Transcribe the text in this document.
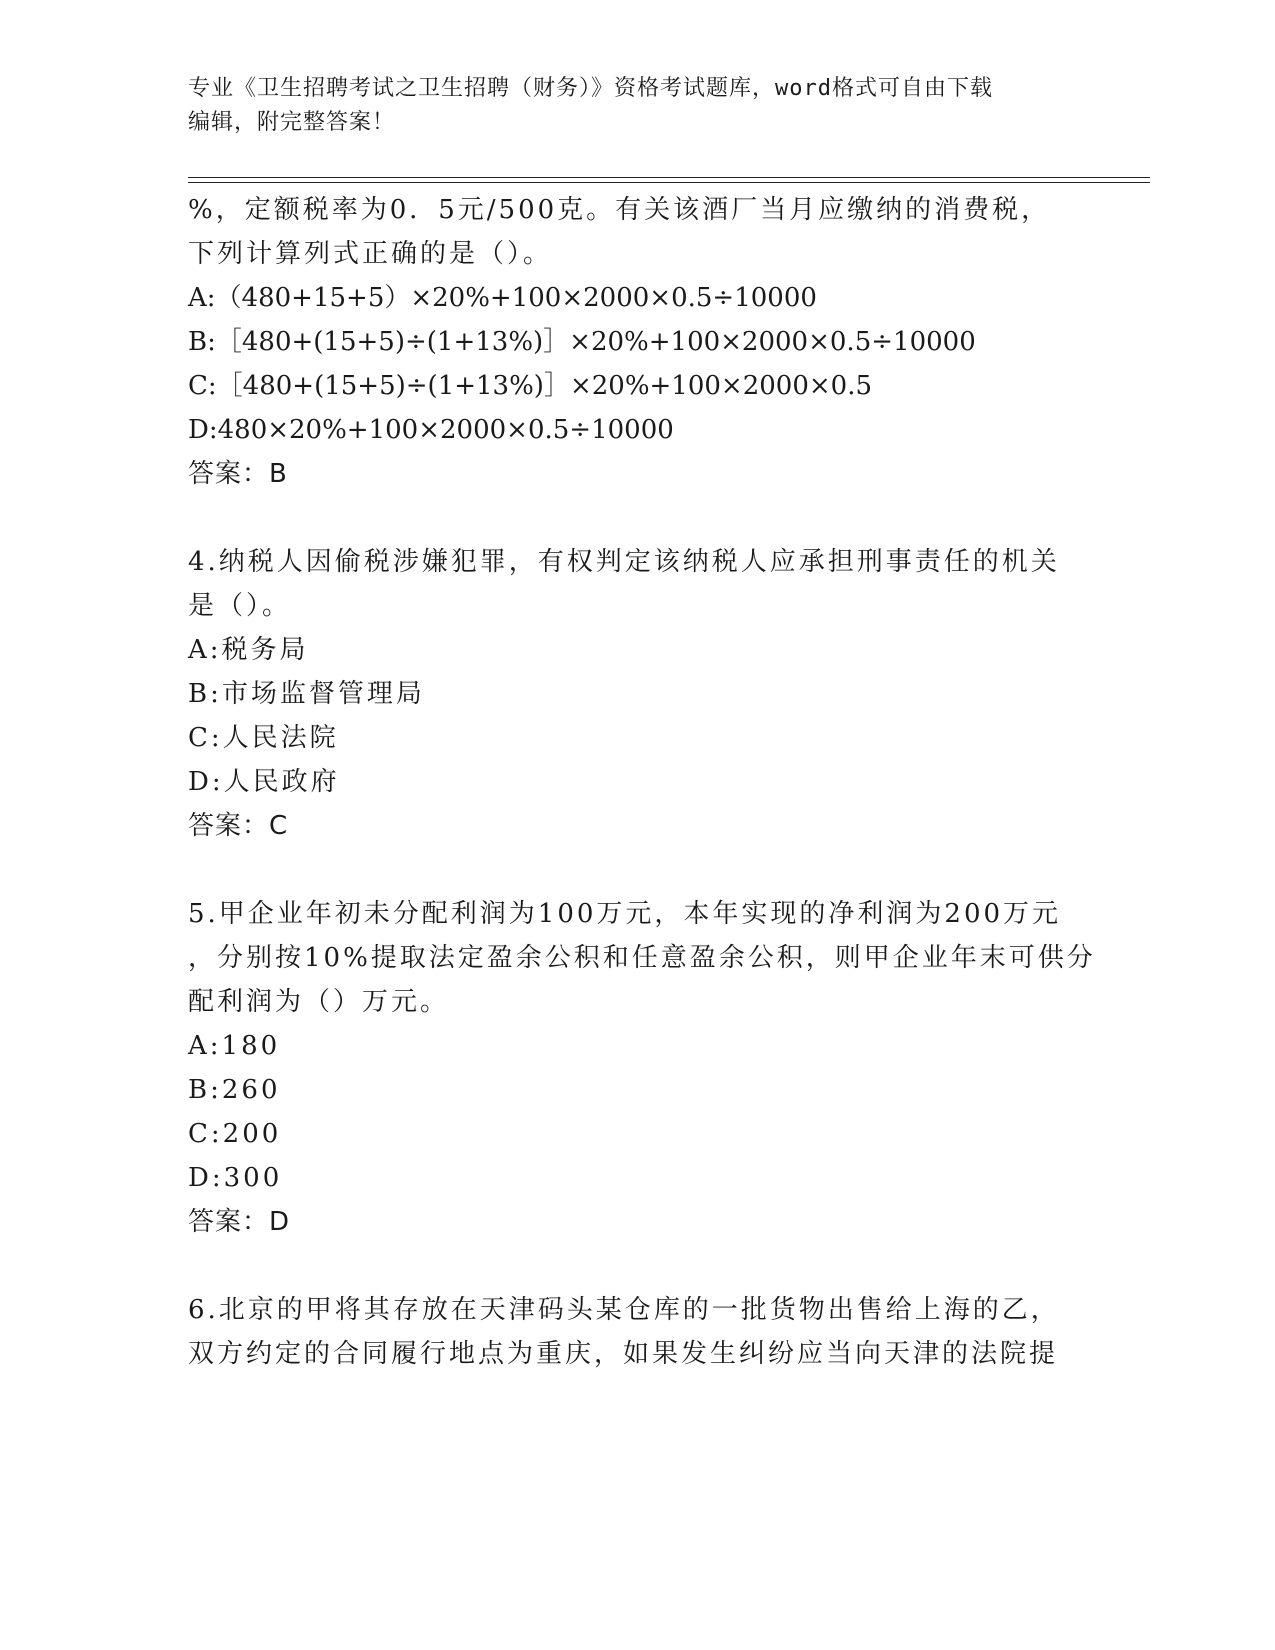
专业《卫生招聘考试之卫生招聘（财务）》资格考试题库，word格式可自由下载
编辑，附完整答案！
%，定额税率为0．5元/500克。有关该酒厂当月应缴纳的消费税，
下列计算列式正确的是（）。
A:（480+15+5）×20%+100×2000×0.5÷10000
B:［480+(15+5)÷(1+13%)］×20%+100×2000×0.5÷10000
C:［480+(15+5)÷(1+13%)］×20%+100×2000×0.5
D:480×20%+100×2000×0.5÷10000
答案：B
4.纳税人因偷税涉嫌犯罪，有权判定该纳税人应承担刑事责任的机关
是（）。
A:税务局
B:市场监督管理局
C:人民法院
D:人民政府
答案：C
5.甲企业年初未分配利润为100万元，本年实现的净利润为200万元
，分别按10%提取法定盈余公积和任意盈余公积，则甲企业年末可供分
配利润为（）万元。
A:180
B:260
C:200
D:300
答案：D
6.北京的甲将其存放在天津码头某仓库的一批货物出售给上海的乙，
双方约定的合同履行地点为重庆，如果发生纠纷应当向天津的法院提
